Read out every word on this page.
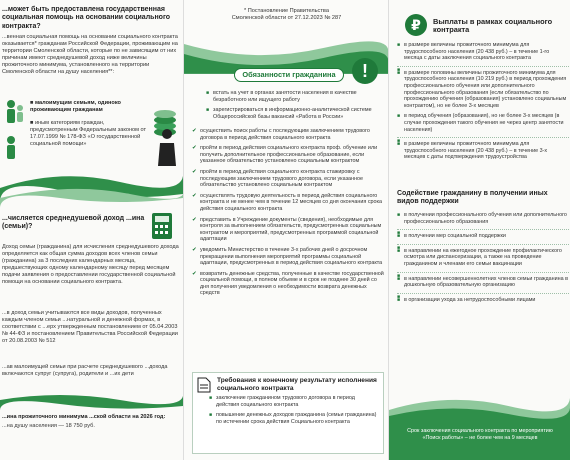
...может быть предоставлена государственная социальная помощь на основании социального контракта?
...венная социальная помощь на основании социального контракта оказывается* гражданам Российской Федерации, проживающим на территории Смоленской области, которые по не зависящим от них причинам имеют среднедушевой доход ниже величины прожиточного минимума, установленного на территории Смоленской области на душу населения**:
■ малоимущим семьям, одиноко проживающим гражданам
■ иным категориям граждан, предусмотренным Федеральным законом от 17.07.1999 № 178-ФЗ «О государственной социальной помощи»
...числяется среднедушевой доход ...ина (семьи)?
Доход семьи (гражданина) для исчисления среднедушевого дохода определяется как общая сумма доходов всех членов семьи (гражданина) за 3 последних календарных месяца, предшествующих одному календарному месяцу перед месяцем подачи заявления о предоставлении государственной социальной помощи на основании социального контракта.
...в доход семьи учитываются все виды доходов, полученных каждым членом семьи ...натуральной и денежной формах, в соответствии с ...ерх утвержденным постановлением от 05.04.2003 № 44-ФЗ и постановлением Правительства Российской Федерации от 20.08.2003 № 512
...ав малоимущей семьи при расчете среднедушевого ...дохода включаются супруг (супруга), родители и ...их дети
...ина прожиточного минимума ...ской области на 2026 год:
...на душу населения — 18 750 руб.
* Постановление Правительства
Смоленской области от 27.12.2023 № 287
Обязанности гражданина	!
■ встать на учет в органах занятости населения в качестве безработного или ищущего работу
■ зарегистрироваться в информационно-аналитической системе Общероссийской базы вакансий «Работа в России»
✔ осуществить поиск работы с последующим заключением трудового договора в период действия социального контракта
✔ пройти в период действия социального контракта проф. обучение или получить дополнительное профессиональное образование, если указанное обязательство установлено социальным контрактом
✔ пройти в период действия социального контракта стажировку с последующим заключением трудового договора, если указанное обязательство установлено социальным контрактом
✔ осуществлять трудовую деятельность в период действия социального контракта и не менее чем в течение 12 месяцев со дня окончания срока действия социального контракта
✔ представить в Учреждение документы (сведения), необходимые для контроля за выполнением обязательств, предусмотренных социальным контрактом и мероприятий, предусмотренных программой социальной адаптации
✔ уведомить Министерство в течение 3-х рабочих дней о досрочном прекращении выполнения мероприятий программы социальной адаптации, предусмотренных в период действия социального контракта
✔ возвратить денежные средства, полученные в качестве государственной социальной помощи, в полном объеме и в срок не позднее 30 дней со дня получения уведомления о необходимости возврата денежных средств
Требования к конечному результату исполнения социального контракта
■ заключение гражданином трудового договора в период действия социального контракта
■ повышение денежных доходов гражданина (семьи гражданина) по истечении срока действия Социального контракта
₽	Выплаты в рамках социального контракта
■ в размере величины прожиточного минимума для трудоспособного населения (20 438 руб.) – в течение 1-го месяца с даты заключения социального контракта
■
■ в размере половины величины прожиточного минимума для трудоспособного населения (10 219 руб.) в период прохождения профессионального обучения или дополнительного профессионального образования (если обязательство по прохождению обучения (образования) установлено социальным контрактом), но не более 3-х месяцев
■ в период обучения (образования), но не более 3-х месяцев (в случае прохождения такого обучения не через центр занятости населения)
■
■ в размере величины прожиточного минимума для трудоспособного населения (20 438 руб.) – в течение 3-х месяцев с даты подтверждения трудоустройства
Содействие гражданину в получении иных видов поддержки
■ в получении профессионального обучения или дополнительного профессионального образования
■
■ в получении мер социальной поддержки
■
■ в направлении на ежегодное прохождение профилактического осмотра или диспансеризации, а также на проведение гражданином и членами его семьи вакцинации
■
■ в направлении несовершеннолетних членов семьи гражданина в дошкольную образовательную организацию
■
■ в организации ухода за нетрудоспособными лицами
Срок заключения социального контракта по мероприятию «Поиск работы» – не более чем на 9 месяцев
